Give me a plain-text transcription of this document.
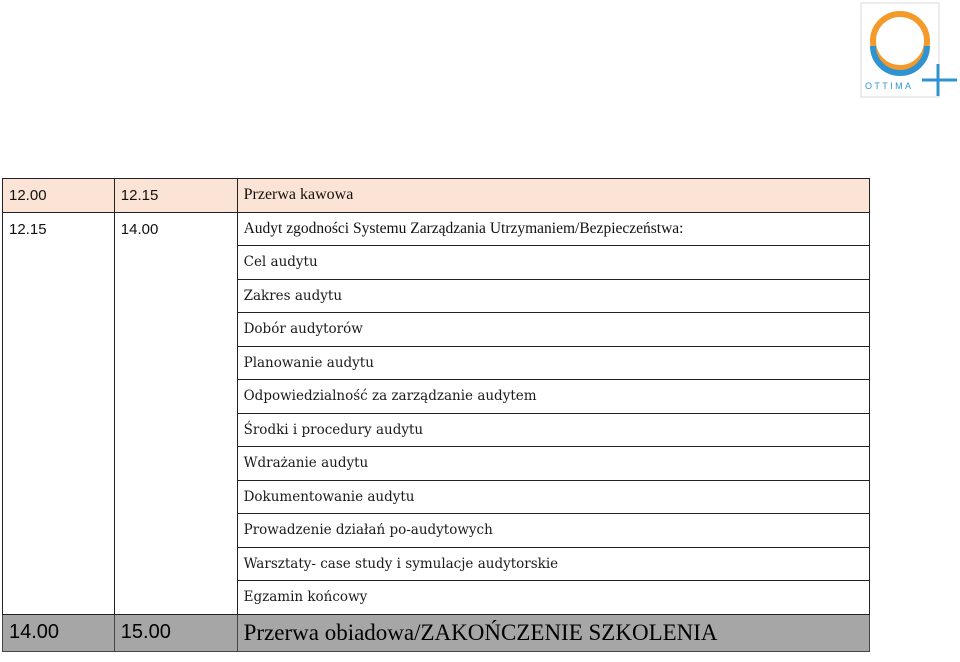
OTTIMA
12.00	12.15	Przerwa kawowa
12.15	14.00	Audyt zgodności Systemu Zarządzania Utrzymaniem/Bezpieczeństwa:
		Cel audytu
		Zakres audytu
		Dobór audytorów
		Planowanie audytu
		Odpowiedzialność za zarządzanie audytem
		Środki i procedury audytu
		Wdrażanie audytu
		Dokumentowanie audytu
		Prowadzenie działań po-audytowych
		Warsztaty- case study i symulacje audytorskie
		Egzamin końcowy
14.00	15.00	Przerwa obiadowa/ZAKOŃCZENIE SZKOLENIA
